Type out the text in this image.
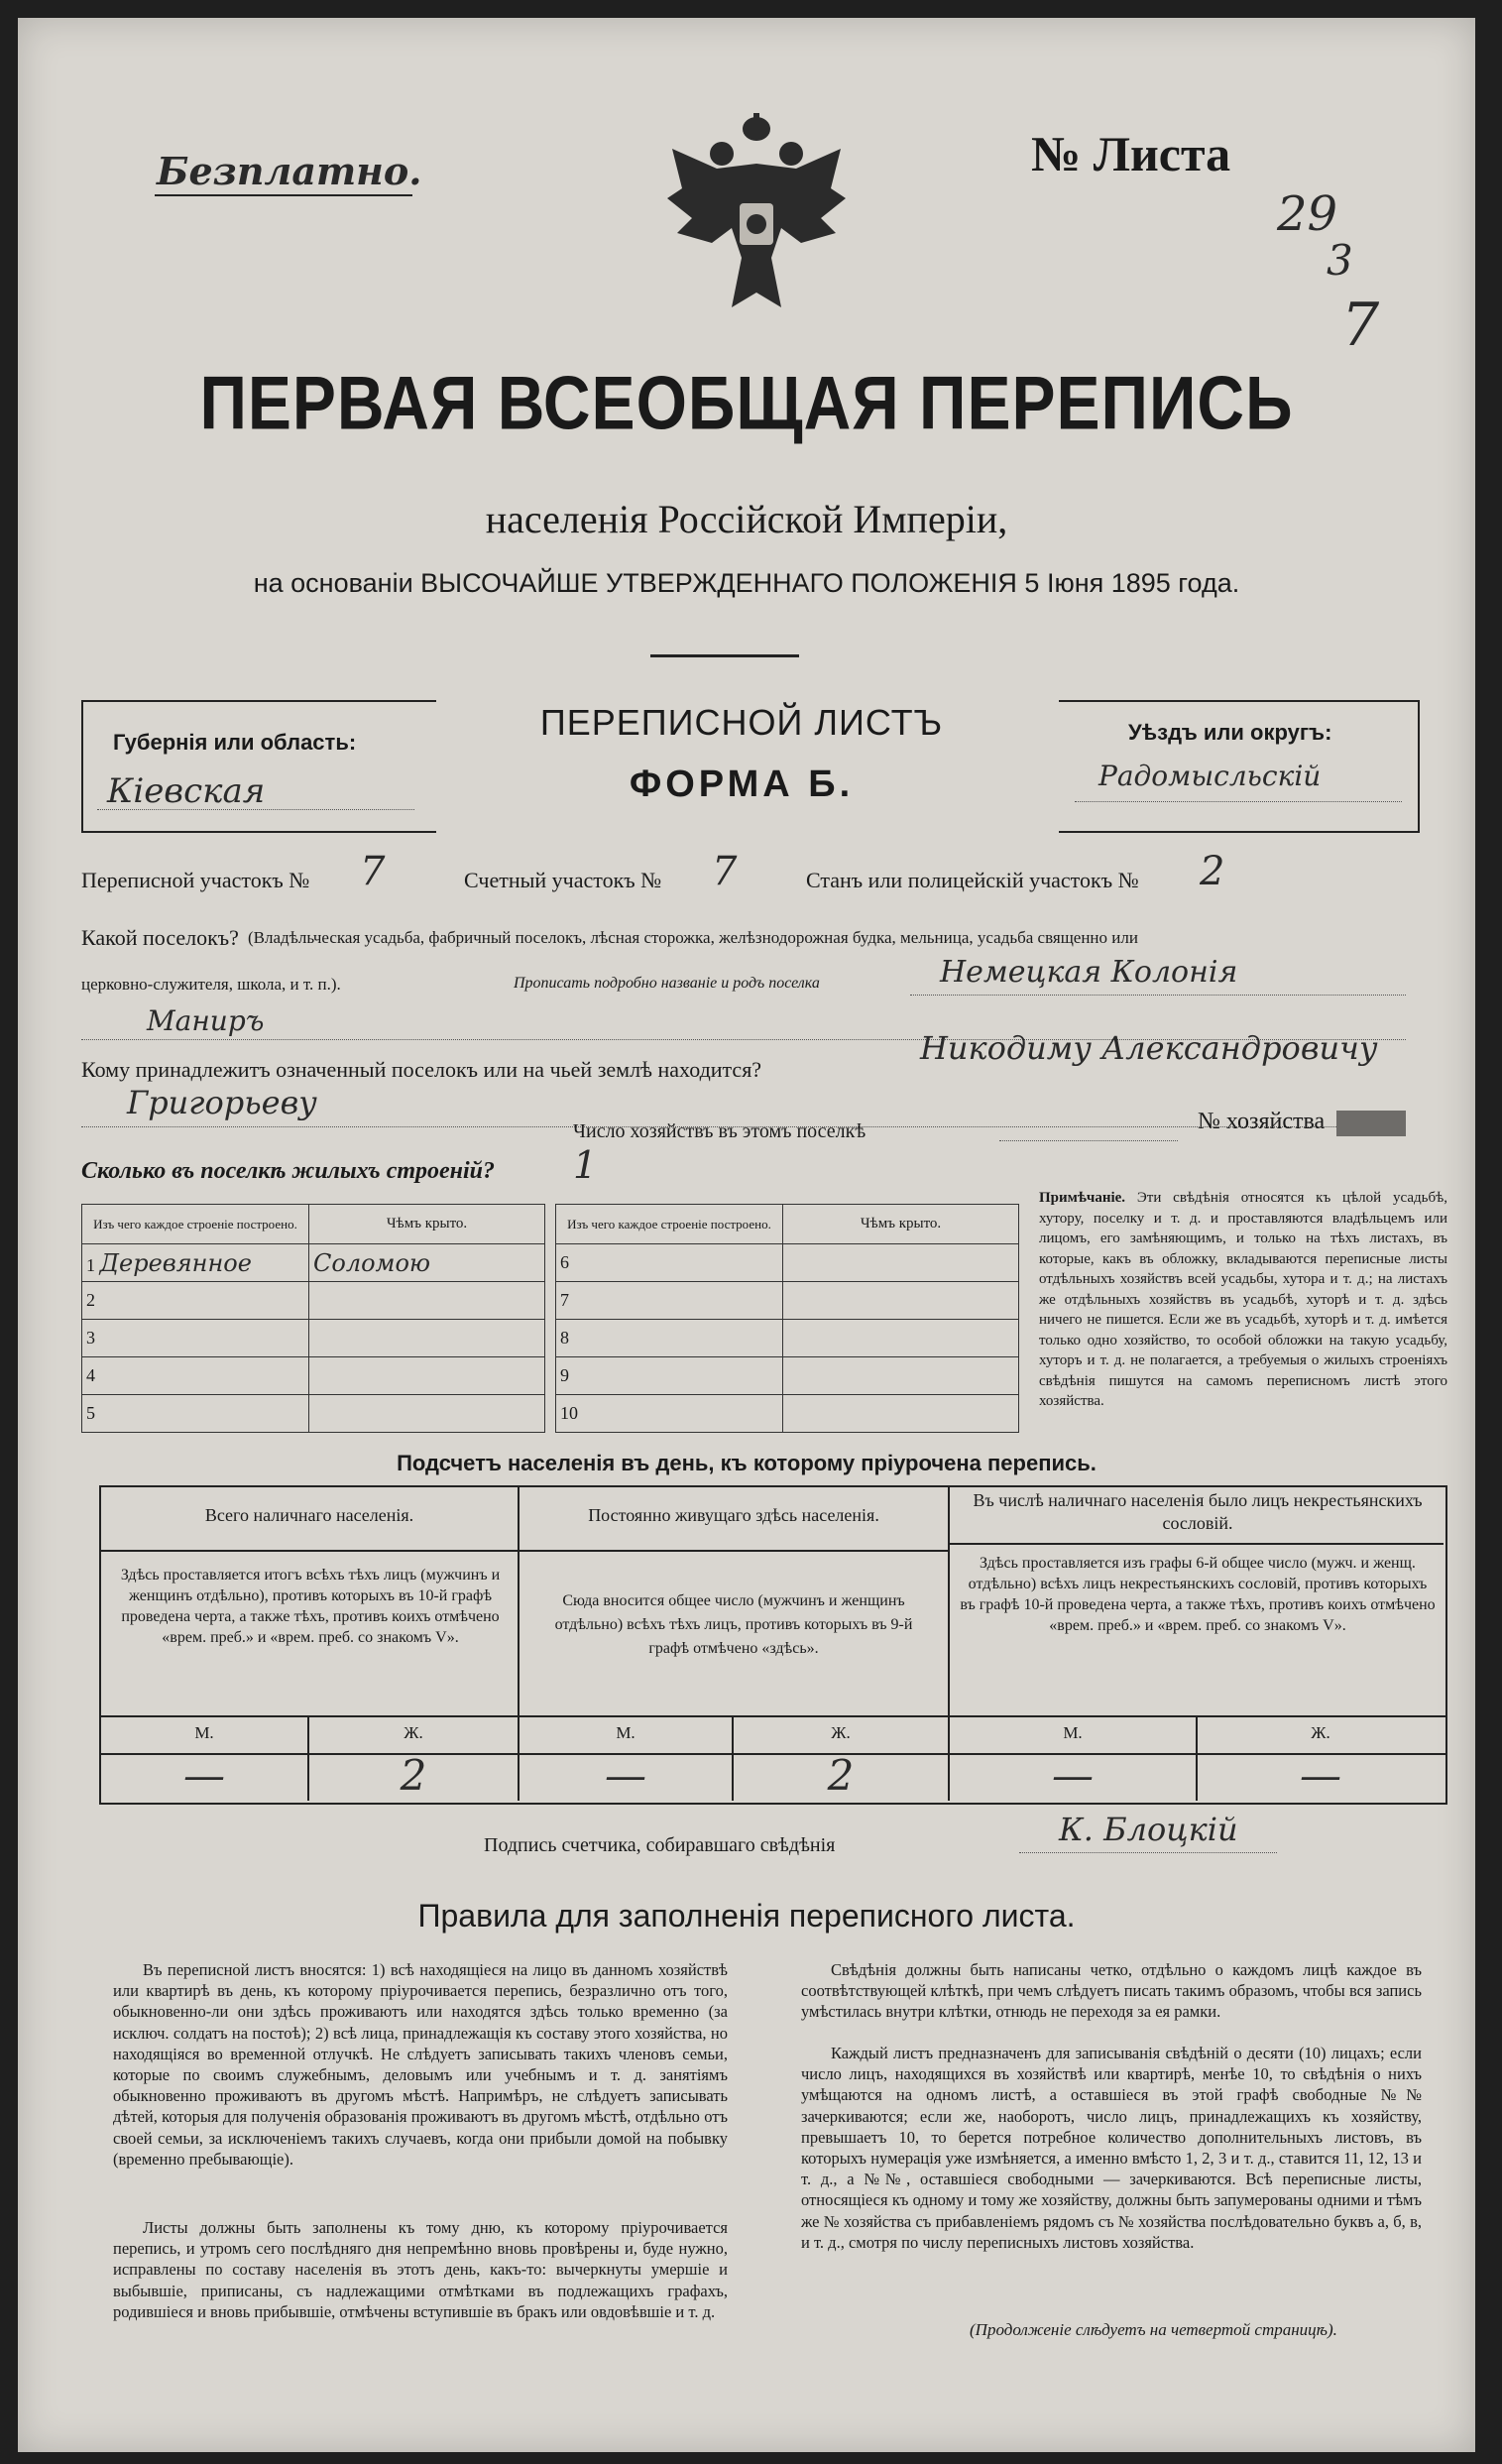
Безплатно.	№ Листа
29
3
7
ПЕРВАЯ ВСЕОБЩАЯ ПЕРЕПИСЬ
населенія Россійской Имперіи,
на основаніи ВЫСОЧАЙШЕ УТВЕРЖДЕННАГО ПОЛОЖЕНІЯ 5 Іюня 1895 года.
Губернія или область:
Кіевская
ПЕРЕПИСНОЙ ЛИСТЪ
ФОРМА Б.
Уѣздъ или округъ:
Радомысльскій
Переписной участокъ № 7	Счетный участокъ № 7	Станъ или полицейскій участокъ № 2
Какой поселокъ? (Владѣльческая усадьба, фабричный поселокъ, лѣсная сторожка, желѣзнодорожная будка, мельница, усадьба священно или
церковно-служителя, школа, и т. п.).	Прописать подробно названіе и родъ поселка	Немецкая Колонія
Маниръ
Кому принадлежитъ означенный поселокъ или на чьей землѣ находится?
Никодиму Александровичу
Григорьеву
Число хозяйствъ въ этомъ поселкѣ	№ хозяйства
Сколько въ поселкѣ жилыхъ строеній? 1
Изъ чего каждое строеніе построено.	Чѣмъ крыто.
1 Деревянное	Соломою
2	
3	
4	
5	
Изъ чего каждое строеніе построено.	Чѣмъ крыто.
6	
7	
8	
9	
10	
Примѣчаніе. Эти свѣдѣнія относятся къ цѣлой усадьбѣ, хутору, поселку и т. д. и проставляются владѣльцемъ или лицомъ, его замѣняющимъ, и только на тѣхъ листахъ, въ которые, какъ въ обложку, вкладываются переписные листы отдѣльныхъ хозяйствъ всей усадьбы, хутора и т. д.; на листахъ же отдѣльныхъ хозяйствъ въ усадьбѣ, хуторѣ и т. д. здѣсь ничего не пишется. Если же въ усадьбѣ, хуторѣ и т. д. имѣется только одно хозяйство, то особой обложки на такую усадьбу, хуторъ и т. д. не полагается, а требуемыя о жилыхъ строеніяхъ свѣдѣнія пишутся на самомъ переписномъ листѣ этого хозяйства.
Подсчетъ населенія въ день, къ которому пріурочена перепись.
Всего наличнаго населенія.
Здѣсь проставляется итогъ всѣхъ тѣхъ лицъ (мужчинъ и женщинъ отдѣльно), противъ которыхъ въ 10-й графѣ проведена черта, а также тѣхъ, противъ коихъ отмѣчено «врем. преб.» и «врем. преб. со знакомъ V».
Постоянно живущаго здѣсь населенія.
Сюда вносится общее число (мужчинъ и женщинъ отдѣльно) всѣхъ тѣхъ лицъ, противъ которыхъ въ 9-й графѣ отмѣчено «здѣсь».
Въ числѣ наличнаго населенія было лицъ некрестьянскихъ сословій.
Здѣсь проставляется изъ графы 6-й общее число (мужч. и женщ. отдѣльно) всѣхъ лицъ некрестьянскихъ сословій, противъ которыхъ въ графѣ 10-й проведена черта, а также тѣхъ, противъ коихъ отмѣчено «врем. преб.» и «врем. преб. со знакомъ V».
М.	Ж.	М.	Ж.	М.	Ж.
—	2	—	2	—	—
Подпись счетчика, собиравшаго свѣдѣнія	К. Блоцкій
Правила для заполненія переписного листа.
Въ переписной листъ вносятся: 1) всѣ находящіеся на лицо въ данномъ хозяйствѣ или квартирѣ въ день, къ которому пріурочивается перепись, безразлично отъ того, обыкновенно-ли они здѣсь проживаютъ или находятся здѣсь только временно (за исключ. солдатъ на постоѣ); 2) всѣ лица, принадлежащія къ составу этого хозяйства, но находящіяся во временной отлучкѣ. Не слѣдуетъ записывать такихъ членовъ семьи, которые по своимъ служебнымъ, деловымъ или учебнымъ и т. д. занятіямъ обыкновенно проживаютъ въ другомъ мѣстѣ. Напримѣръ, не слѣдуетъ записывать дѣтей, которыя для полученія образованія проживаютъ въ другомъ мѣстѣ, отдѣльно отъ своей семьи, за исключеніемъ такихъ случаевъ, когда они прибыли домой на побывку (временно пребывающіе).
Листы должны быть заполнены къ тому дню, къ которому пріурочивается перепись, и утромъ сего послѣдняго дня непремѣнно вновь провѣрены и, буде нужно, исправлены по составу населенія въ этотъ день, какъ-то: вычеркнуты умершіе и выбывшіе, приписаны, съ надлежащими отмѣтками въ подлежащихъ графахъ, родившіеся и вновь прибывшіе, отмѣчены вступившіе въ бракъ или овдовѣвшіе и т. д.
Свѣдѣнія должны быть написаны четко, отдѣльно о каждомъ лицѣ каждое въ соотвѣтствующей клѣткѣ, при чемъ слѣдуетъ писать такимъ образомъ, чтобы вся запись умѣстилась внутри клѣтки, отнюдь не переходя за ея рамки.
Каждый листъ предназначенъ для записыванія свѣдѣній о десяти (10) лицахъ; если число лицъ, находящихся въ хозяйствѣ или квартирѣ, менѣе 10, то свѣдѣнія о нихъ умѣщаются на одномъ листѣ, а оставшіеся въ этой графѣ свободные №№ зачеркиваются; если же, наоборотъ, число лицъ, принадлежащихъ къ хозяйству, превышаетъ 10, то берется потребное количество дополнительныхъ листовъ, въ которыхъ нумерація уже измѣняется, а именно вмѣсто 1, 2, 3 и т. д., ставится 11, 12, 13 и т. д., а №№, оставшіеся свободными — зачеркиваются. Всѣ переписные листы, относящіеся къ одному и тому же хозяйству, должны быть запумерованы одними и тѣмъ же № хозяйства съ прибавленіемъ рядомъ съ № хозяйства послѣдовательно буквъ а, б, в, и т. д., смотря по числу переписныхъ листовъ хозяйства.
(Продолженіе слѣдуетъ на четвертой страницѣ).
